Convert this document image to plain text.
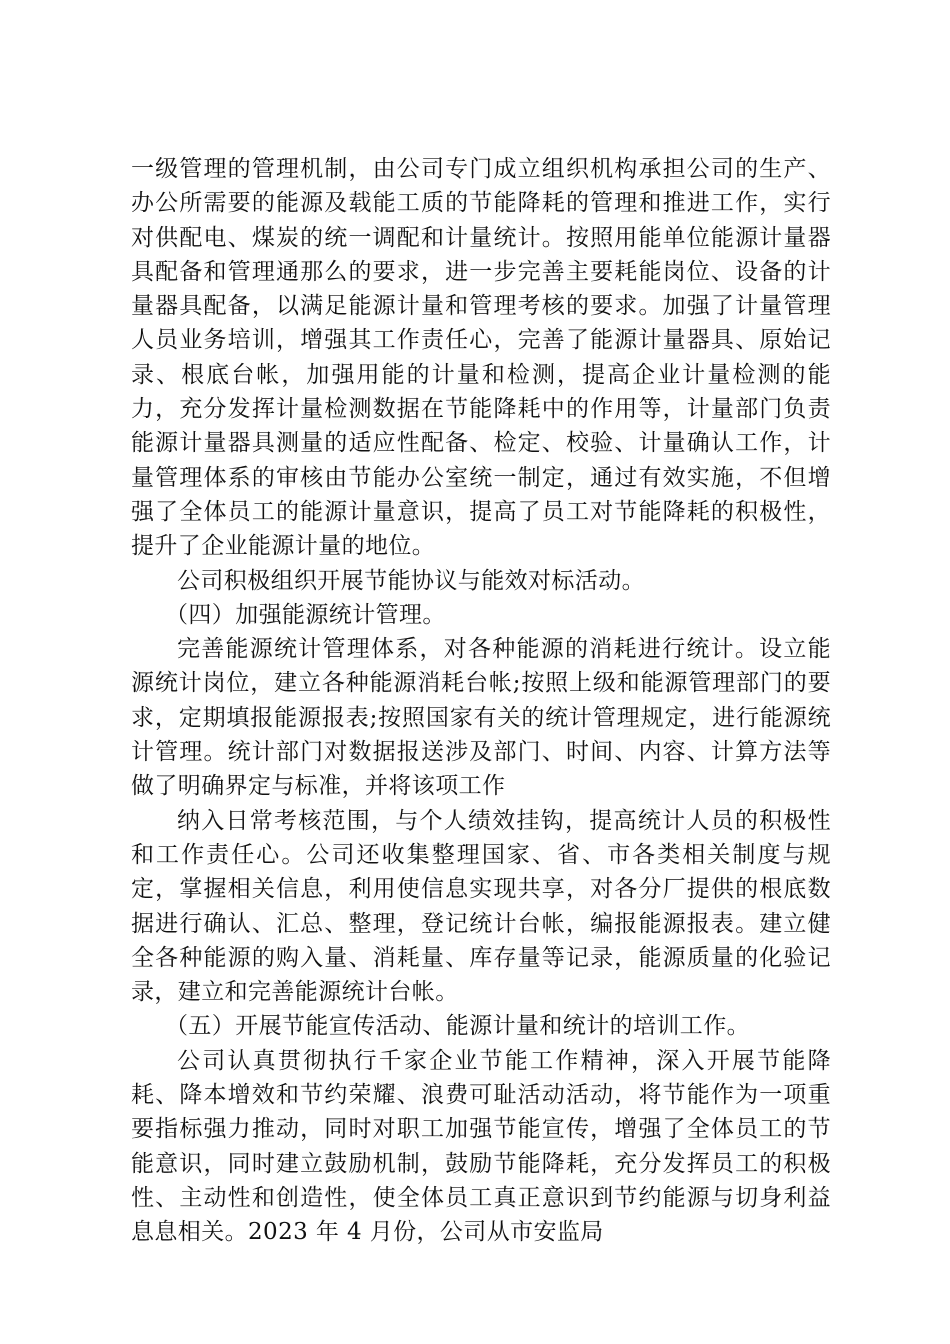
一级管理的管理机制，由公司专门成立组织机构承担公司的生产、办公所需要的能源及载能工质的节能降耗的管理和推进工作，实行对供配电、煤炭的统一调配和计量统计。按照用能单位能源计量器具配备和管理通那么的要求，进一步完善主要耗能岗位、设备的计量器具配备，以满足能源计量和管理考核的要求。加强了计量管理人员业务培训，增强其工作责任心，完善了能源计量器具、原始记录、根底台帐，加强用能的计量和检测，提高企业计量检测的能力，充分发挥计量检测数据在节能降耗中的作用等，计量部门负责能源计量器具测量的适应性配备、检定、校验、计量确认工作，计量管理体系的审核由节能办公室统一制定，通过有效实施，不但增强了全体员工的能源计量意识，提高了员工对节能降耗的积极性，提升了企业能源计量的地位。

公司积极组织开展节能协议与能效对标活动。

（四）加强能源统计管理。

完善能源统计管理体系，对各种能源的消耗进行统计。设立能源统计岗位，建立各种能源消耗台帐;按照上级和能源管理部门的要求，定期填报能源报表;按照国家有关的统计管理规定，进行能源统计管理。统计部门对数据报送涉及部门、时间、内容、计算方法等做了明确界定与标准，并将该项工作

纳入日常考核范围，与个人绩效挂钩，提高统计人员的积极性和工作责任心。公司还收集整理国家、省、市各类相关制度与规定，掌握相关信息，利用使信息实现共享，对各分厂提供的根底数据进行确认、汇总、整理，登记统计台帐，编报能源报表。建立健全各种能源的购入量、消耗量、库存量等记录，能源质量的化验记录，建立和完善能源统计台帐。

（五）开展节能宣传活动、能源计量和统计的培训工作。

公司认真贯彻执行千家企业节能工作精神，深入开展节能降耗、降本增效和节约荣耀、浪费可耻活动活动，将节能作为一项重要指标强力推动，同时对职工加强节能宣传，增强了全体员工的节能意识，同时建立鼓励机制，鼓励节能降耗，充分发挥员工的积极性、主动性和创造性，使全体员工真正意识到节约能源与切身利益息息相关。2023 年 4 月份，公司从市安监局
